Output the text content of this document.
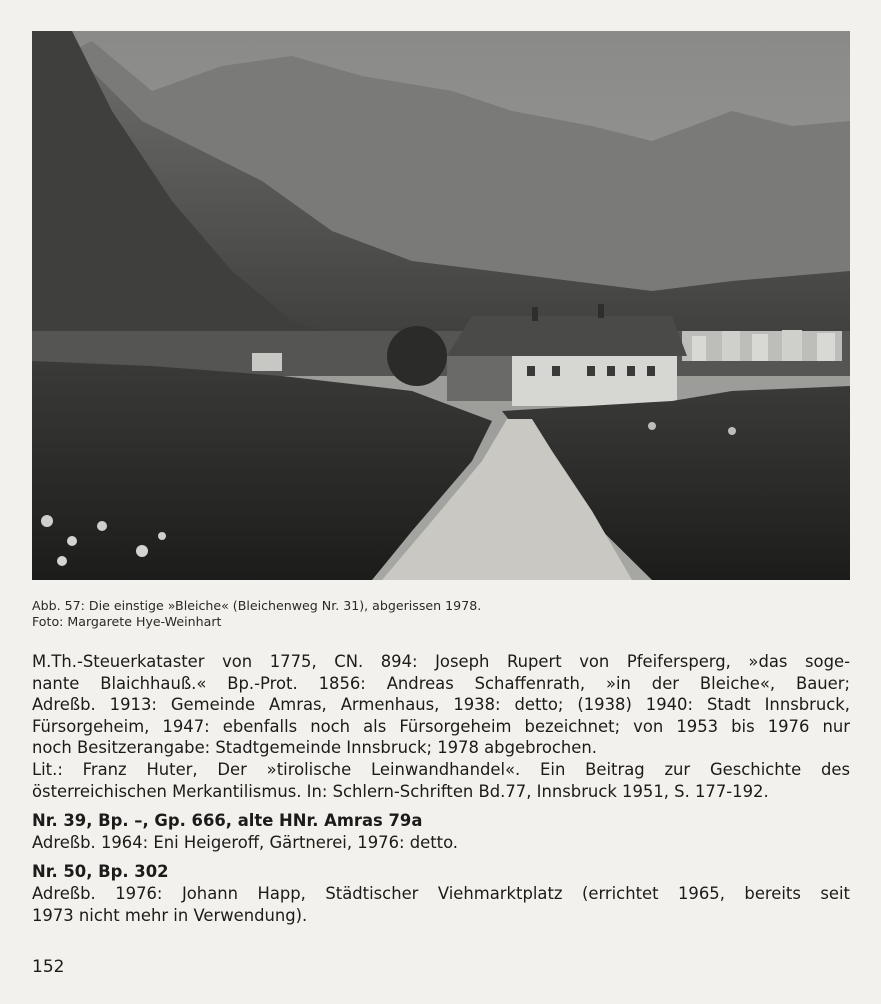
Abb. 57: Die einstige »Bleiche« (Bleichenweg Nr. 31), abgerissen 1978.
Foto: Margarete Hye-Weinhart
M.Th.-Steuerkataster von 1775, CN. 894: Joseph Rupert von Pfeifersperg, »das soge-
nante Blaichhauß.« Bp.-Prot. 1856: Andreas Schaffenrath, »in der Bleiche«, Bauer;
Adreßb. 1913: Gemeinde Amras, Armenhaus, 1938: detto; (1938) 1940: Stadt Innsbruck,
Fürsorgeheim, 1947: ebenfalls noch als Fürsorgeheim bezeichnet; von 1953 bis 1976 nur
noch Besitzerangabe: Stadtgemeinde Innsbruck; 1978 abgebrochen.
Lit.: Franz Huter, Der »tirolische Leinwandhandel«. Ein Beitrag zur Geschichte des
österreichischen Merkantilismus. In: Schlern-Schriften Bd.77, Innsbruck 1951, S. 177-192.
Nr. 39, Bp. –, Gp. 666, alte HNr. Amras 79a
Adreßb. 1964: Eni Heigeroff, Gärtnerei, 1976: detto.
Nr. 50, Bp. 302
Adreßb. 1976: Johann Happ, Städtischer Viehmarktplatz (errichtet 1965, bereits seit
1973 nicht mehr in Verwendung).
152
